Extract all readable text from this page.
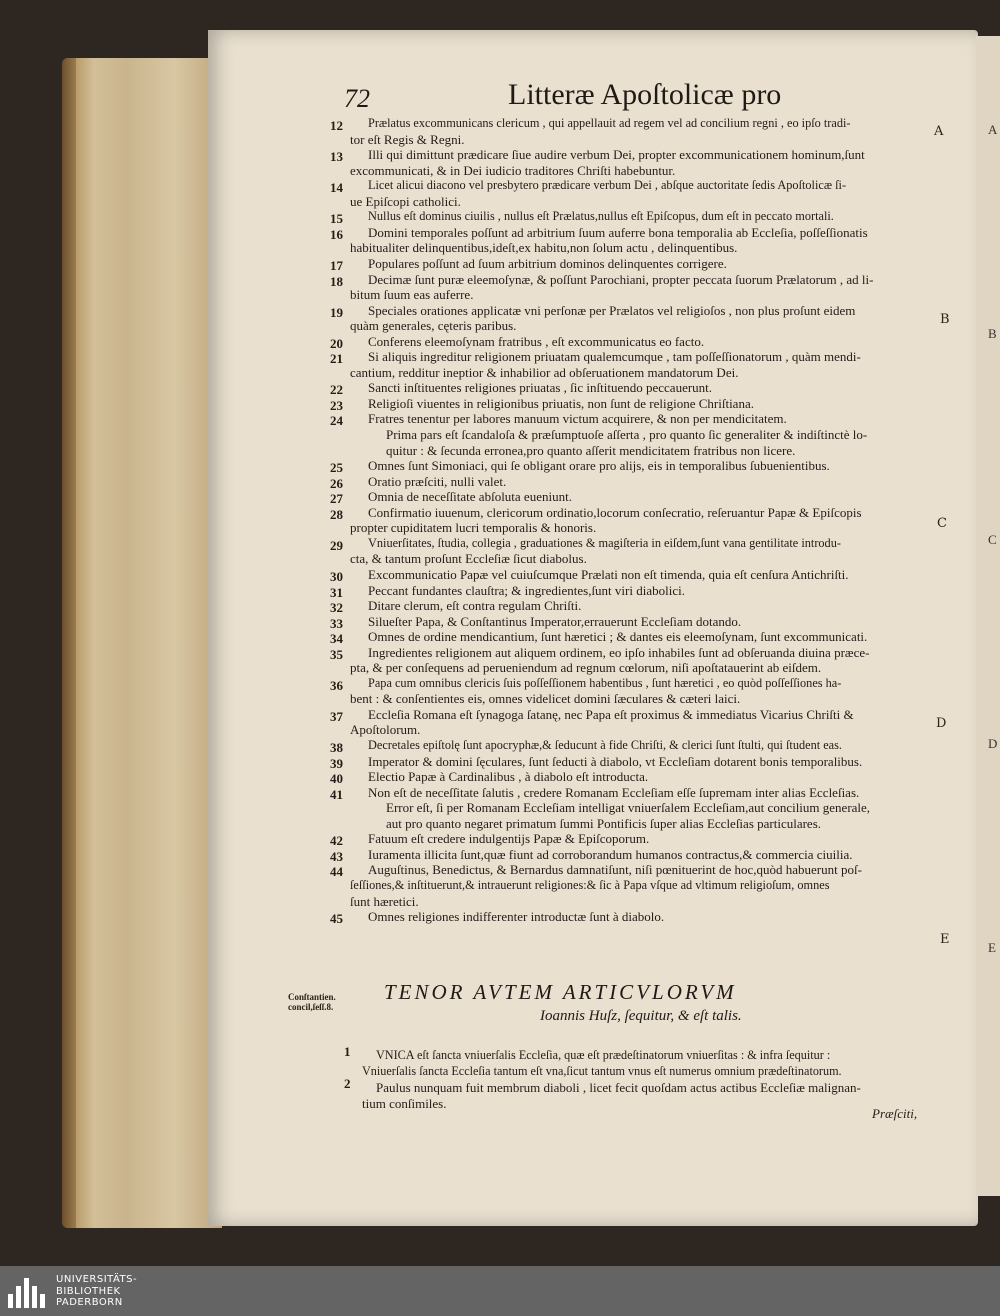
A
B
C
D
E
72	Litteræ Apoſtolicæ pro
12 Prælatus excommunicans clericum , qui appellauit ad regem vel ad concilium regni , eo ipſo tradi-
tor eſt Regis & Regni.
13 Illi qui dimittunt prædicare ſiue audire verbum Dei, propter excommunicationem hominum,ſunt
excommunicati, & in Dei iudicio traditores Chriſti habebuntur.
14 Licet alicui diacono vel presbytero prædicare verbum Dei , abſque auctoritate ſedis Apoſtolicæ ſi-
ue Epiſcopi catholici.
15 Nullus eſt dominus ciuilis , nullus eſt Prælatus,nullus eſt Epiſcopus, dum eſt in peccato mortali.
16 Domini temporales poſſunt ad arbitrium ſuum auferre bona temporalia ab Eccleſia, poſſeſſionatis
habitualiter delinquentibus,ideſt,ex habitu,non ſolum actu , delinquentibus.
17 Populares poſſunt ad ſuum arbitrium dominos delinquentes corrigere.
18 Decimæ ſunt puræ eleemoſynæ, & poſſunt Parochiani, propter peccata ſuorum Prælatorum , ad li-
bitum ſuum eas auferre.
19 Speciales orationes applicatæ vni perſonæ per Prælatos vel religioſos , non plus proſunt eidem
quàm generales, cęteris paribus.
20 Conferens eleemoſynam fratribus , eſt excommunicatus eo facto.
21 Si aliquis ingreditur religionem priuatam qualemcumque , tam poſſeſſionatorum , quàm mendi-
cantium, redditur ineptior & inhabilior ad obſeruationem mandatorum Dei.
22 Sancti inſtituentes religiones priuatas , ſic inſtituendo peccauerunt.
23 Religioſi viuentes in religionibus priuatis, non ſunt de religione Chriſtiana.
24 Fratres tenentur per labores manuum victum acquirere, & non per mendicitatem.
Prima pars eſt ſcandaloſa & præſumptuoſe aſſerta , pro quanto ſic generaliter & indiſtinctè lo-
quitur : & ſecunda erronea,pro quanto aſſerit mendicitatem fratribus non licere.
25 Omnes ſunt Simoniaci, qui ſe obligant orare pro alijs, eis in temporalibus ſubuenientibus.
26 Oratio præſciti, nulli valet.
27 Omnia de neceſſitate abſoluta eueniunt.
28 Confirmatio iuuenum, clericorum ordinatio,locorum conſecratio, reſeruantur Papæ & Epiſcopis
propter cupiditatem lucri temporalis & honoris.
29 Vniuerſitates, ſtudia, collegia , graduationes & magiſteria in eiſdem,ſunt vana gentilitate introdu-
cta, & tantum proſunt Eccleſiæ ſicut diabolus.
30 Excommunicatio Papæ vel cuiuſcumque Prælati non eſt timenda, quia eſt cenſura Antichriſti.
31 Peccant fundantes clauſtra; & ingredientes,ſunt viri diabolici.
32 Ditare clerum, eſt contra regulam Chriſti.
33 Silueſter Papa, & Conſtantinus Imperator,errauerunt Eccleſiam dotando.
34 Omnes de ordine mendicantium, ſunt hæretici ; & dantes eis eleemoſynam, ſunt excommunicati.
35 Ingredientes religionem aut aliquem ordinem, eo ipſo inhabiles ſunt ad obſeruanda diuina præce-
pta, & per conſequens ad perueniendum ad regnum cœlorum, niſi apoſtatauerint ab eiſdem.
36 Papa cum omnibus clericis ſuis poſſeſſionem habentibus , ſunt hæretici , eo quòd poſſeſſiones ha-
bent : & conſentientes eis, omnes videlicet domini ſæculares & cæteri laici.
37 Eccleſia Romana eſt ſynagoga ſatanę, nec Papa eſt proximus & immediatus Vicarius Chriſti &
Apoſtolorum.
38 Decretales epiſtolę ſunt apocryphæ,& ſeducunt à fide Chriſti, & clerici ſunt ſtulti, qui ſtudent eas.
39 Imperator & domini ſęculares, ſunt ſeducti à diabolo, vt Eccleſiam dotarent bonis temporalibus.
40 Electio Papæ à Cardinalibus , à diabolo eſt introducta.
41 Non eſt de neceſſitate ſalutis , credere Romanam Eccleſiam eſſe ſupremam inter alias Eccleſias.
Error eſt, ſi per Romanam Eccleſiam intelligat vniuerſalem Eccleſiam,aut concilium generale,
aut pro quanto negaret primatum ſummi Pontificis ſuper alias Eccleſias particulares.
42 Fatuum eſt credere indulgentijs Papæ & Epiſcoporum.
43 Iuramenta illicita ſunt,quæ fiunt ad corroborandum humanos contractus,& commercia ciuilia.
44 Auguſtinus, Benedictus, & Bernardus damnatiſunt, niſi pœnituerint de hoc,quòd habuerunt poſ-
ſeſſiones,& inſtituerunt,& intrauerunt religiones:& ſic à Papa vſque ad vltimum religioſum, omnes
ſunt hæretici.
45 Omnes religiones indifferenter introductæ ſunt à diabolo.
1 VNICA eſt ſancta vniuerſalis Eccleſia, quæ eſt prædeſtinatorum vniuerſitas : & infra ſequitur :
Vniuerſalis ſancta Eccleſia tantum eſt vna,ſicut tantum vnus eſt numerus omnium prædeſtinatorum.
2 Paulus nunquam fuit membrum diaboli , licet fecit quoſdam actus actibus Eccleſiæ malignan-
tium conſimiles.
Conſtantien.
concil,ſeſſ.8.
TENOR AVTEM ARTICVLORVM
Ioannis Huſz, ſequitur, & eſt talis.
Præſciti,
UNIVERSITÄTS-
BIBLIOTHEK
PADERBORN
A
B
C
D
E
